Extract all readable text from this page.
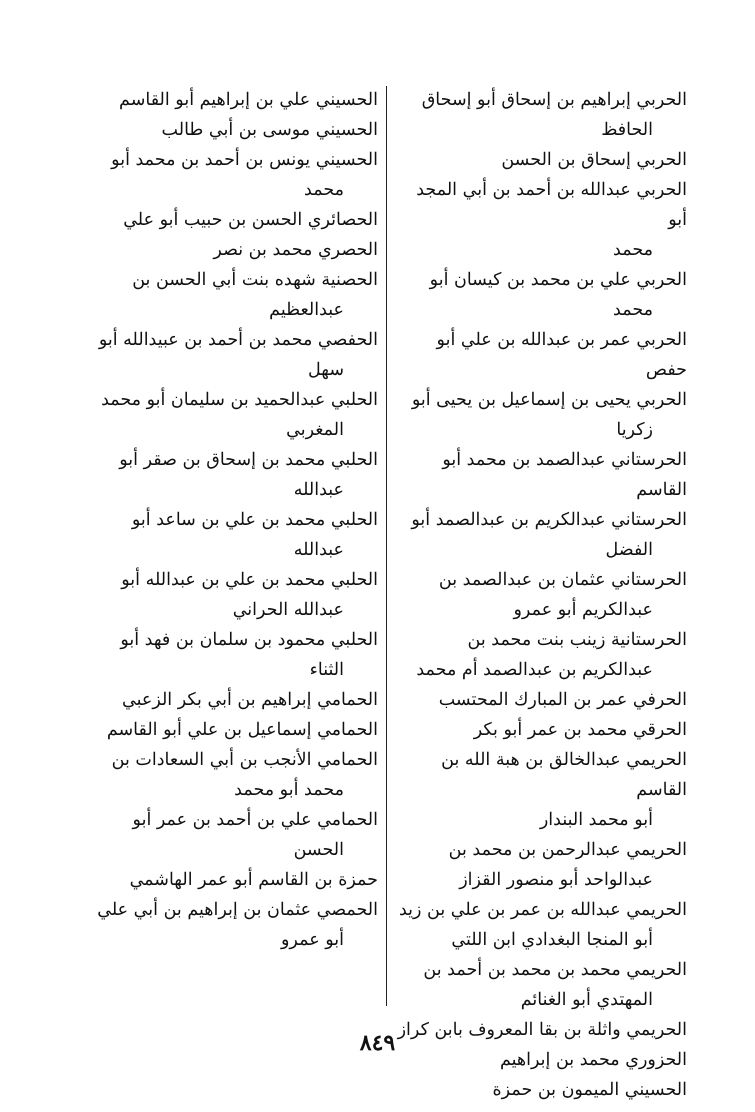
الحربي إبراهيم بن إسحاق أبو إسحاق
الحافظ

الحربي إسحاق بن الحسن

الحربي عبدالله بن أحمد بن أبي المجد أبو
محمد

الحربي علي بن محمد بن كيسان أبو
محمد

الحربي عمر بن عبدالله بن علي أبو حفص

الحربي يحيى بن إسماعيل بن يحيى أبو
زكريا

الحرستاني عبدالصمد بن محمد أبو القاسم

الحرستاني عبدالكريم بن عبدالصمد أبو
الفضل

الحرستاني عثمان بن عبدالصمد بن
عبدالكريم أبو عمرو

الحرستانية زينب بنت محمد بن
عبدالكريم بن عبدالصمد أم محمد

الحرفي عمر بن المبارك المحتسب

الحرقي محمد بن عمر أبو بكر

الحريمي عبدالخالق بن هبة الله بن القاسم
أبو محمد البندار

الحريمي عبدالرحمن بن محمد بن
عبدالواحد أبو منصور القزاز

الحريمي عبدالله بن عمر بن علي بن زيد
أبو المنجا البغدادي ابن اللتي

الحريمي محمد بن محمد بن أحمد بن
المهتدي أبو الغنائم

الحريمي واثلة بن بقا المعروف بابن كراز

الحزوري محمد بن إبراهيم

الحسيني الميمون بن حمزة

الحسيني علي بن إبراهيم أبو القاسم

الحسيني موسى بن أبي طالب

الحسيني يونس بن أحمد بن محمد أبو
محمد

الحصائري الحسن بن حبيب أبو علي

الحصري محمد بن نصر

الحصنية شهده بنت أبي الحسن بن
عبدالعظيم

الحفصي محمد بن أحمد بن عبيدالله أبو
سهل

الحلبي عبدالحميد بن سليمان أبو محمد
المغربي

الحلبي محمد بن إسحاق بن صقر أبو
عبدالله

الحلبي محمد بن علي بن ساعد أبو
عبدالله

الحلبي محمد بن علي بن عبدالله أبو
عبدالله الحراني

الحلبي محمود بن سلمان بن فهد أبو
الثناء

الحمامي إبراهيم بن أبي بكر الزعبي

الحمامي إسماعيل بن علي أبو القاسم

الحمامي الأنجب بن أبي السعادات بن
محمد أبو محمد

الحمامي علي بن أحمد بن عمر أبو
الحسن

حمزة بن القاسم أبو عمر الهاشمي

الحمصي عثمان بن إبراهيم بن أبي علي
أبو عمرو

٨٤٩
